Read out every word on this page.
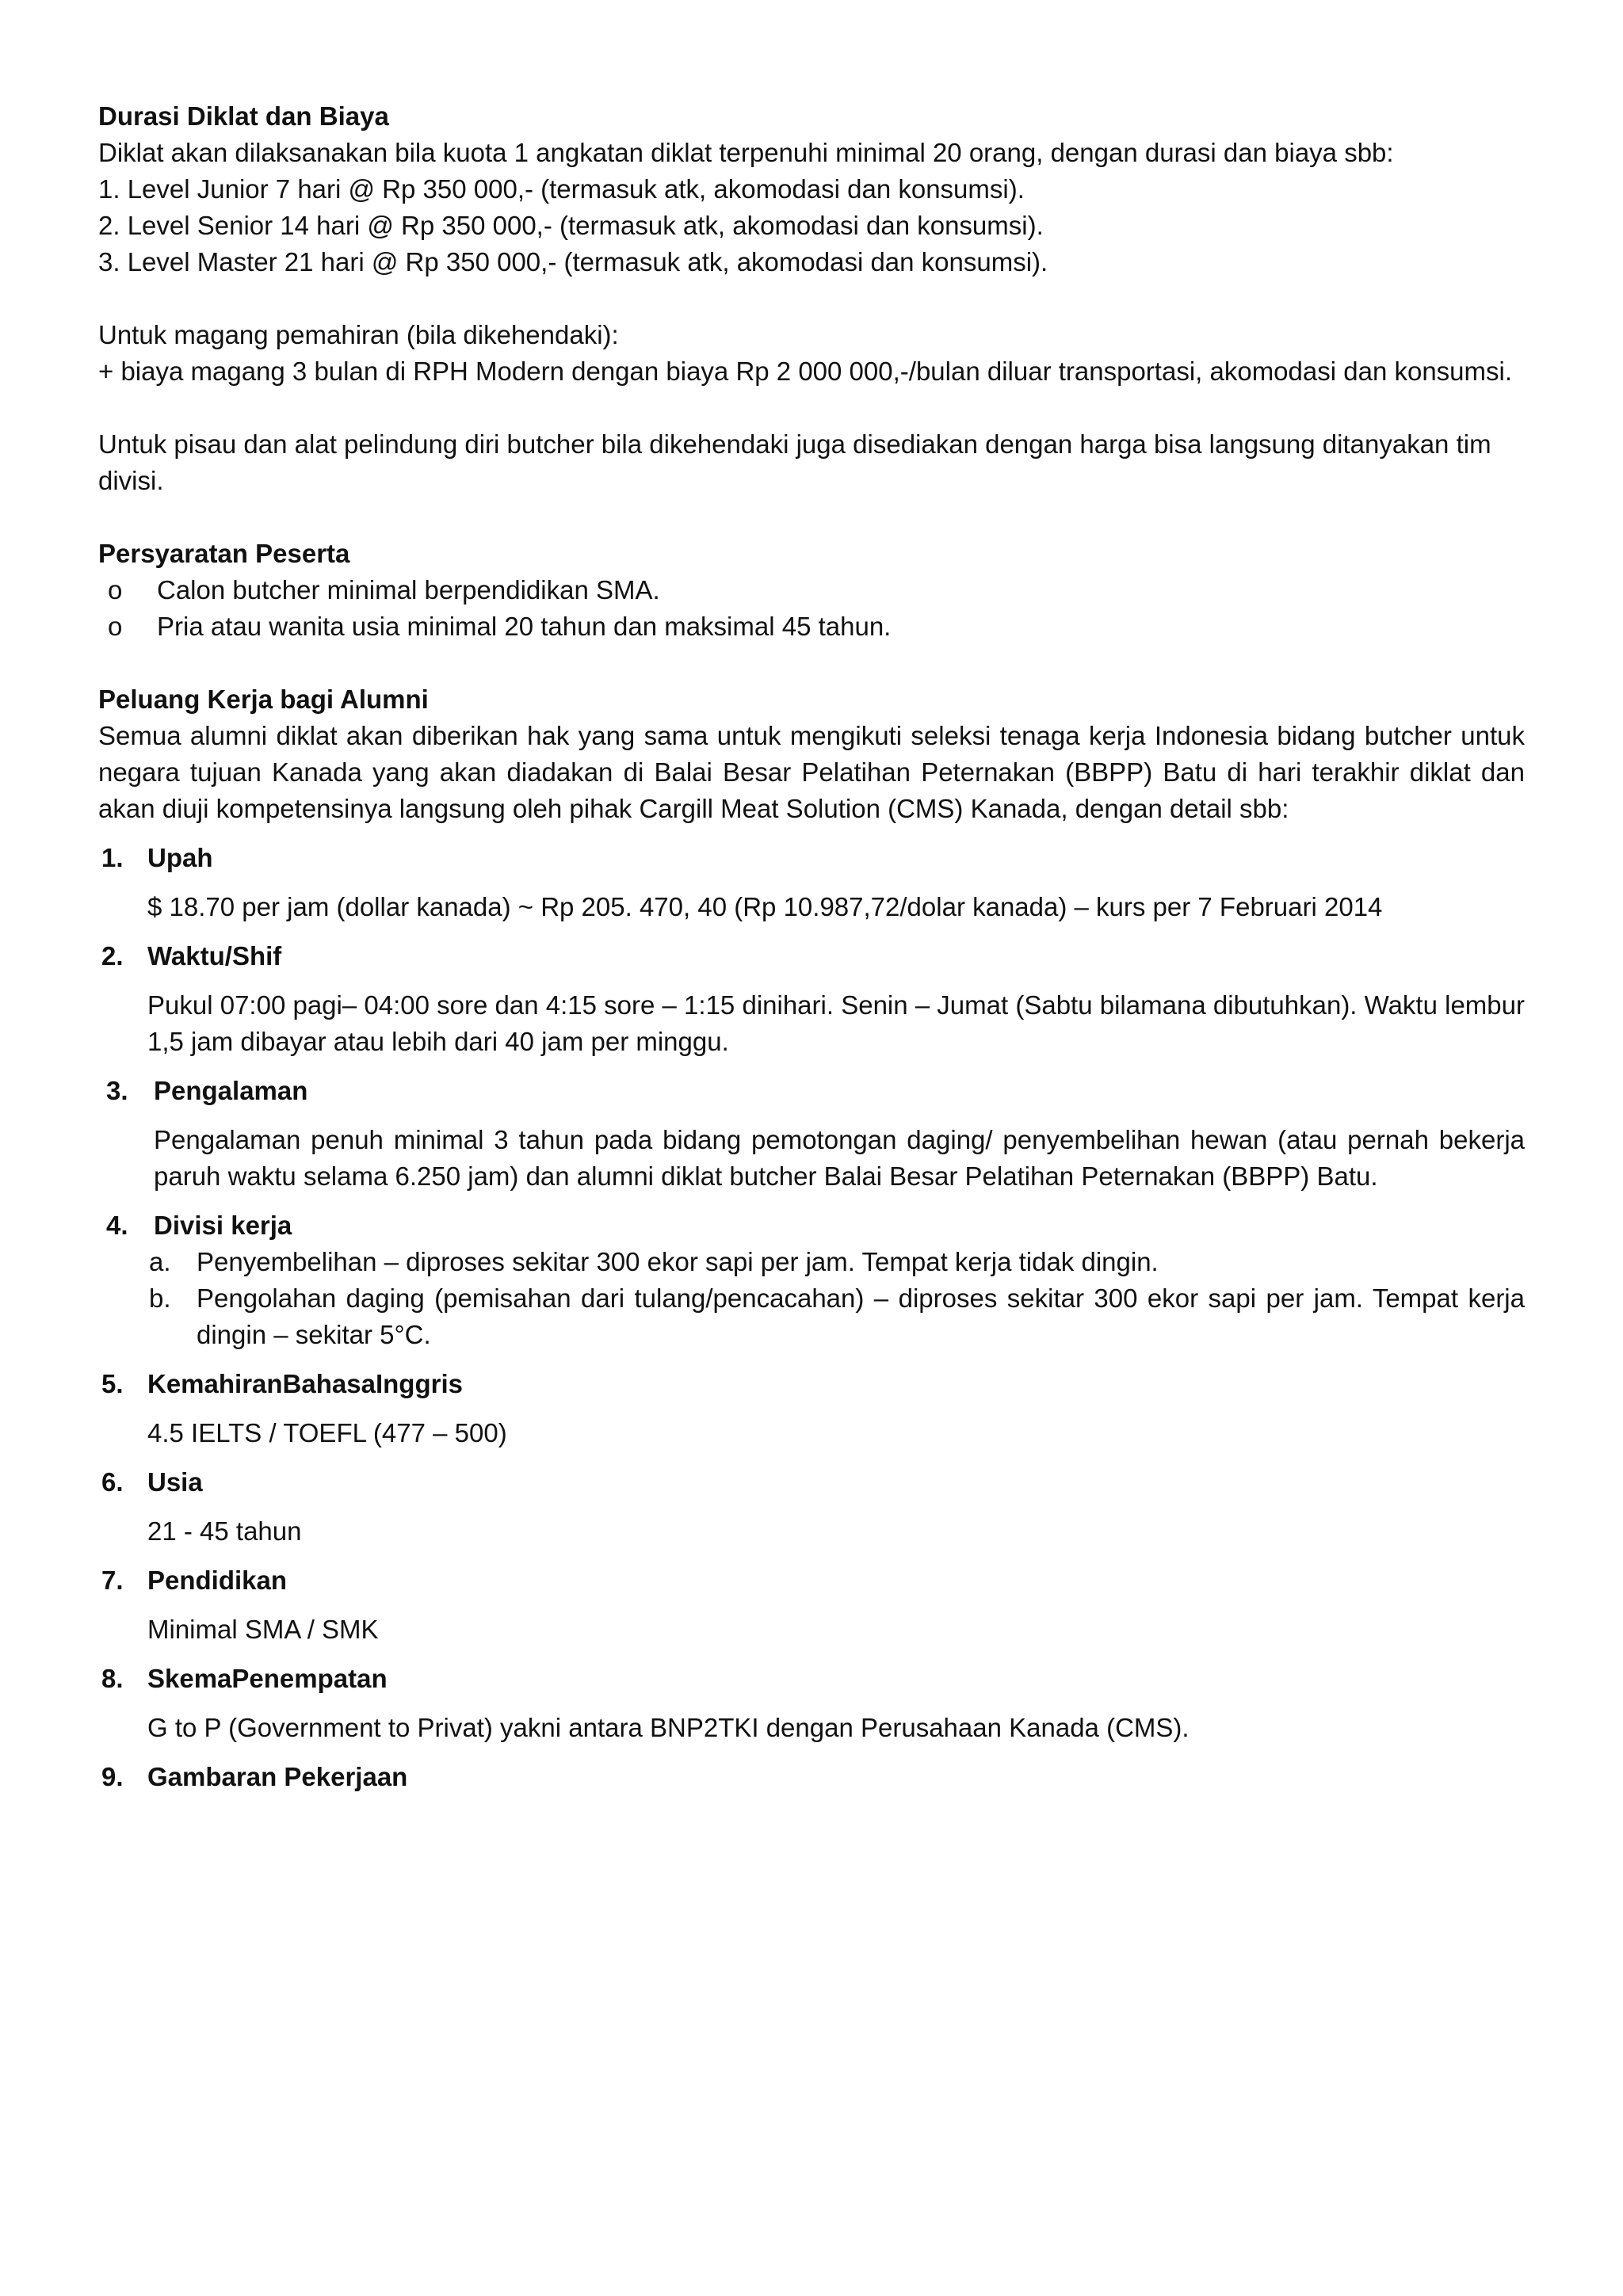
Durasi Diklat dan Biaya

Diklat akan dilaksanakan bila kuota 1 angkatan diklat terpenuhi minimal 20 orang, dengan durasi dan biaya sbb:

1. Level Junior 7 hari @ Rp 350 000,- (termasuk atk, akomodasi dan konsumsi).

2. Level Senior 14 hari @ Rp 350 000,- (termasuk atk, akomodasi dan konsumsi).

3. Level Master 21 hari @ Rp 350 000,- (termasuk atk, akomodasi dan konsumsi).

Untuk magang pemahiran (bila dikehendaki):

+ biaya magang 3 bulan di RPH Modern dengan biaya Rp 2 000 000,-/bulan diluar transportasi, akomodasi dan konsumsi.

Untuk pisau dan alat pelindung diri butcher bila dikehendaki juga disediakan dengan harga bisa langsung ditanyakan tim divisi.

Persyaratan Peserta

o Calon butcher minimal berpendidikan SMA.
o Pria atau wanita usia minimal 20 tahun dan maksimal 45 tahun.

Peluang Kerja bagi Alumni

Semua alumni diklat akan diberikan hak yang sama untuk mengikuti seleksi tenaga kerja Indonesia bidang butcher untuk negara tujuan Kanada yang akan diadakan di Balai Besar Pelatihan Peternakan (BBPP) Batu di hari terakhir diklat dan akan diuji kompetensinya langsung oleh pihak Cargill Meat Solution (CMS) Kanada, dengan detail sbb:

1. Upah

$ 18.70 per jam (dollar kanada) ~ Rp 205. 470, 40 (Rp 10.987,72/dolar kanada) – kurs per 7 Februari 2014

2. Waktu/Shif

Pukul 07:00 pagi– 04:00 sore dan 4:15 sore – 1:15 dinihari. Senin – Jumat (Sabtu bilamana dibutuhkan). Waktu lembur 1,5 jam dibayar atau lebih dari 40 jam per minggu.

3. Pengalaman

Pengalaman penuh minimal 3 tahun pada bidang pemotongan daging/ penyembelihan hewan (atau pernah bekerja paruh waktu selama 6.250 jam) dan alumni diklat butcher Balai Besar Pelatihan Peternakan (BBPP) Batu.

4. Divisi kerja

a. Penyembelihan – diproses sekitar 300 ekor sapi per jam. Tempat kerja tidak dingin.
b. Pengolahan daging (pemisahan dari tulang/pencacahan) – diproses sekitar 300 ekor sapi per jam. Tempat kerja dingin – sekitar 5°C.

5. KemahiranBahasaInggris

4.5 IELTS / TOEFL (477 – 500)

6. Usia

21 - 45 tahun

7. Pendidikan

Minimal SMA / SMK

8. SkemaPenempatan

G to P (Government to Privat) yakni antara BNP2TKI dengan Perusahaan Kanada (CMS).

9. Gambaran Pekerjaan
